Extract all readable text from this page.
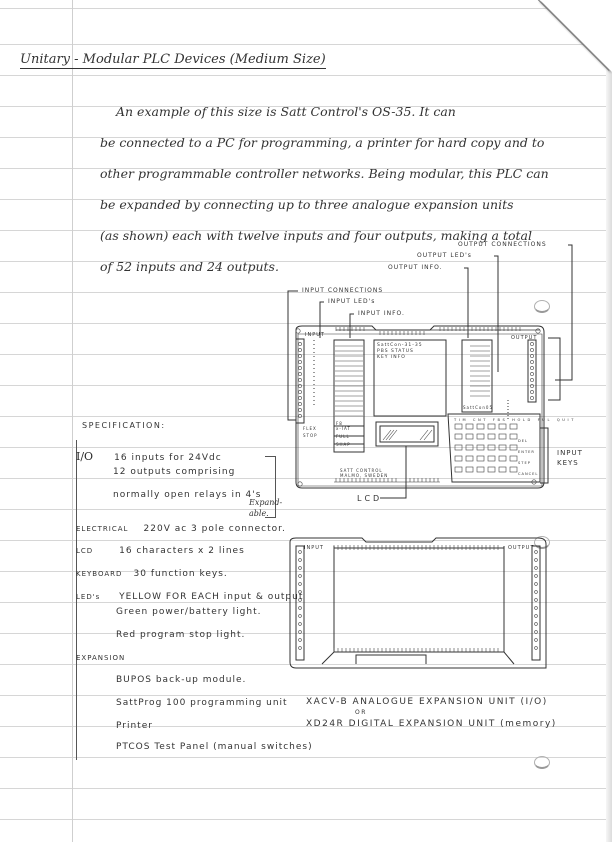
Unitary - Modular PLC Devices (Medium Size)
An example of this size is Satt Control's OS-35. It can
be connected to a PC for programming, a printer for hard copy and to
other programmable controller networks. Being modular, this PLC can
be expanded by connecting up to three analogue expansion units
(as shown) each with twelve inputs and four outputs, making a total
of 52 inputs and 24 outputs.
OUTPUT CONNECTIONS
OUTPUT LED's
OUTPUT INFO.
INPUT CONNECTIONS
INPUT LED's
INPUT INFO.
INPUT	OUTPUT
SattCon-31-35
PBS STATUS
KEY INFO
SattCon05
FLEX
STOP
F8
x-IAT
FULL
SHAP
SATT CONTROL
MALMO, SWEDEN
TIM CNT FBS HOLD FUL QUIT
DEL
ENTER
STEP
CANCEL
INPUT
KEYS
LCD
INPUT	OUTPUT
SPECIFICATION:
Expand-
able.
I/O 16 inputs for 24Vdc
12 outputs comprising
normally open relays in 4's
ELECTRICAL 220V ac 3 pole connector.
LCD	16 characters x 2 lines
KEYBOARD 30 function keys.
LED's YELLOW FOR EACH input & output
Green power/battery light.
Red program stop light.
EXPANSION
BUPOS back-up module.
SattProg 100 programming unit
Printer
PTCOS Test Panel (manual switches)
XACV-B ANALOGUE EXPANSION UNIT (I/O)
OR
XD24R DIGITAL EXPANSION UNIT (memory)
